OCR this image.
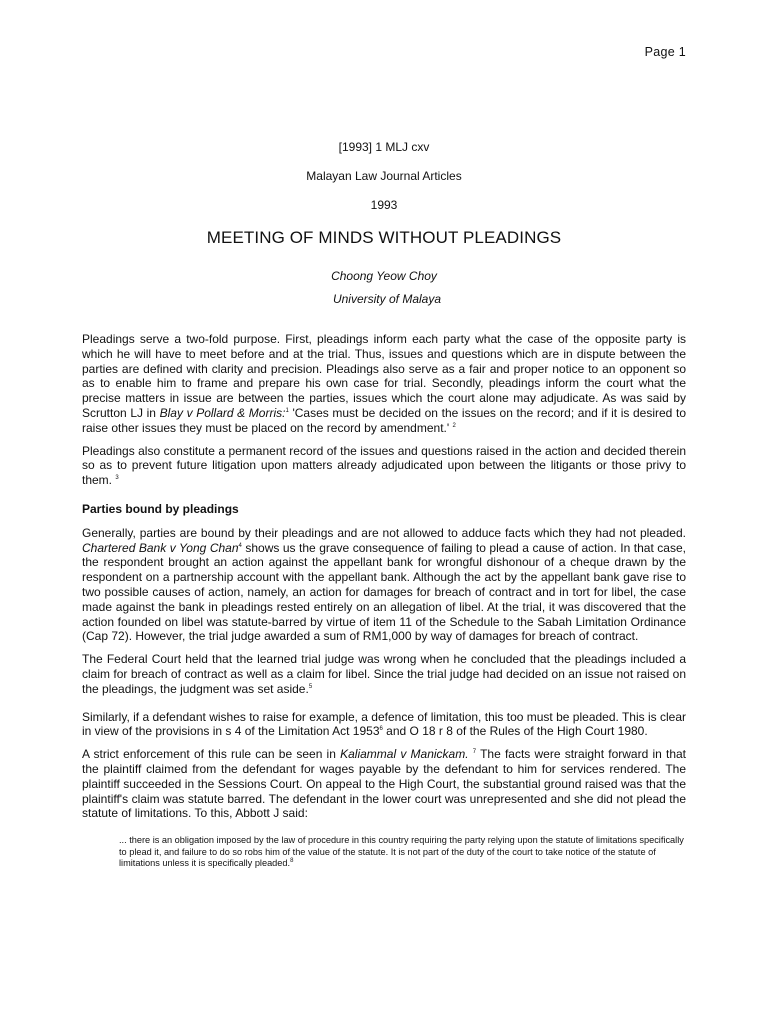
Page 1

[1993] 1 MLJ cxv

Malayan Law Journal Articles

1993

MEETING OF MINDS WITHOUT PLEADINGS

Choong Yeow Choy

University of Malaya

Pleadings serve a two-fold purpose. First, pleadings inform each party what the case of the opposite party is which he will have to meet before and at the trial. Thus, issues and questions which are in dispute between the parties are defined with clarity and precision. Pleadings also serve as a fair and proper notice to an opponent so as to enable him to frame and prepare his own case for trial. Secondly, pleadings inform the court what the precise matters in issue are between the parties, issues which the court alone may adjudicate. As was said by Scrutton LJ in Blay v Pollard & Morris:$^1$ 'Cases must be decided on the issues on the record; and if it is desired to raise other issues they must be placed on the record by amendment.' $^2$

Pleadings also constitute a permanent record of the issues and questions raised in the action and decided therein so as to prevent future litigation upon matters already adjudicated upon between the litigants or those privy to them. $^3$

Parties bound by pleadings

Generally, parties are bound by their pleadings and are not allowed to adduce facts which they had not pleaded. Chartered Bank v Yong Chan$^4$ shows us the grave consequence of failing to plead a cause of action. In that case, the respondent brought an action against the appellant bank for wrongful dishonour of a cheque drawn by the respondent on a partnership account with the appellant bank. Although the act by the appellant bank gave rise to two possible causes of action, namely, an action for damages for breach of contract and in tort for libel, the case made against the bank in pleadings rested entirely on an allegation of libel. At the trial, it was discovered that the action founded on libel was statute-barred by virtue of item 11 of the Schedule to the Sabah Limitation Ordinance (Cap 72). However, the trial judge awarded a sum of RM1,000 by way of damages for breach of contract.

The Federal Court held that the learned trial judge was wrong when he concluded that the pleadings included a claim for breach of contract as well as a claim for libel. Since the trial judge had decided on an issue not raised on the pleadings, the judgment was set aside.$^5$

Similarly, if a defendant wishes to raise for example, a defence of limitation, this too must be pleaded. This is clear in view of the provisions in s 4 of the Limitation Act 1953$^6$ and O 18 r 8 of the Rules of the High Court 1980.

A strict enforcement of this rule can be seen in Kaliammal v Manickam. $^7$ The facts were straight forward in that the plaintiff claimed from the defendant for wages payable by the defendant to him for services rendered. The plaintiff succeeded in the Sessions Court. On appeal to the High Court, the substantial ground raised was that the plaintiff's claim was statute barred. The defendant in the lower court was unrepresented and she did not plead the statute of limitations. To this, Abbott J said:

... there is an obligation imposed by the law of procedure in this country requiring the party relying upon the statute of limitations specifically to plead it, and failure to do so robs him of the value of the statute. It is not part of the duty of the court to take notice of the statute of limitations unless it is specifically pleaded.$^8$
